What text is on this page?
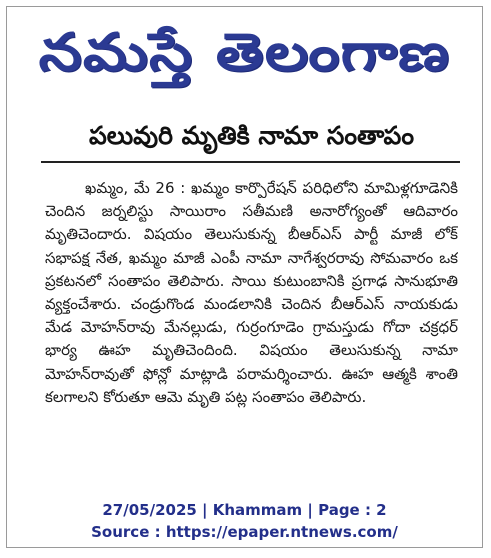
నమస్తే తెలంగాణ
పలువురి మృతికి నామా సంతాపం

ఖమ్మం, మే 26 : ఖమ్మం కార్పొరేషన్ పరిధిలోని మామిళ్లగూడెనికి చెందిన జర్నలిస్టు సాయిరాం సతీమణి అనారోగ్యంతో ఆదివారం మృతిచెందారు. విషయం తెలుసుకున్న బీఆర్ఎస్ పార్టీ మాజీ లోక్ సభాపక్ష నేత, ఖమ్మం మాజీ ఎంపీ నామా నాగేశ్వరరావు సోమవారం ఒక ప్రకటనలో సంతాపం తెలిపారు. సాయి కుటుంబానికి ప్రగాఢ సానుభూతి వ్యక్తంచేశారు. చండ్రుగొండ మండలానికి చెందిన బీఆర్ఎస్ నాయకుడు మేడ మోహన్‌రావు మేనల్లుడు, గుర్రంగూడెం గ్రామస్తుడు గోదా చక్రధర్ భార్య ఊహ మృతిచెందింది. విషయం తెలుసుకున్న నామా మోహన్‌రావుతో ఫోన్లో మాట్లాడి పరామర్శించారు. ఊహ ఆత్మకి శాంతి కలగాలని కోరుతూ ఆమె మృతి పట్ల సంతాపం తెలిపారు.

27/05/2025 | Khammam | Page : 2
Source : https://epaper.ntnews.com/
